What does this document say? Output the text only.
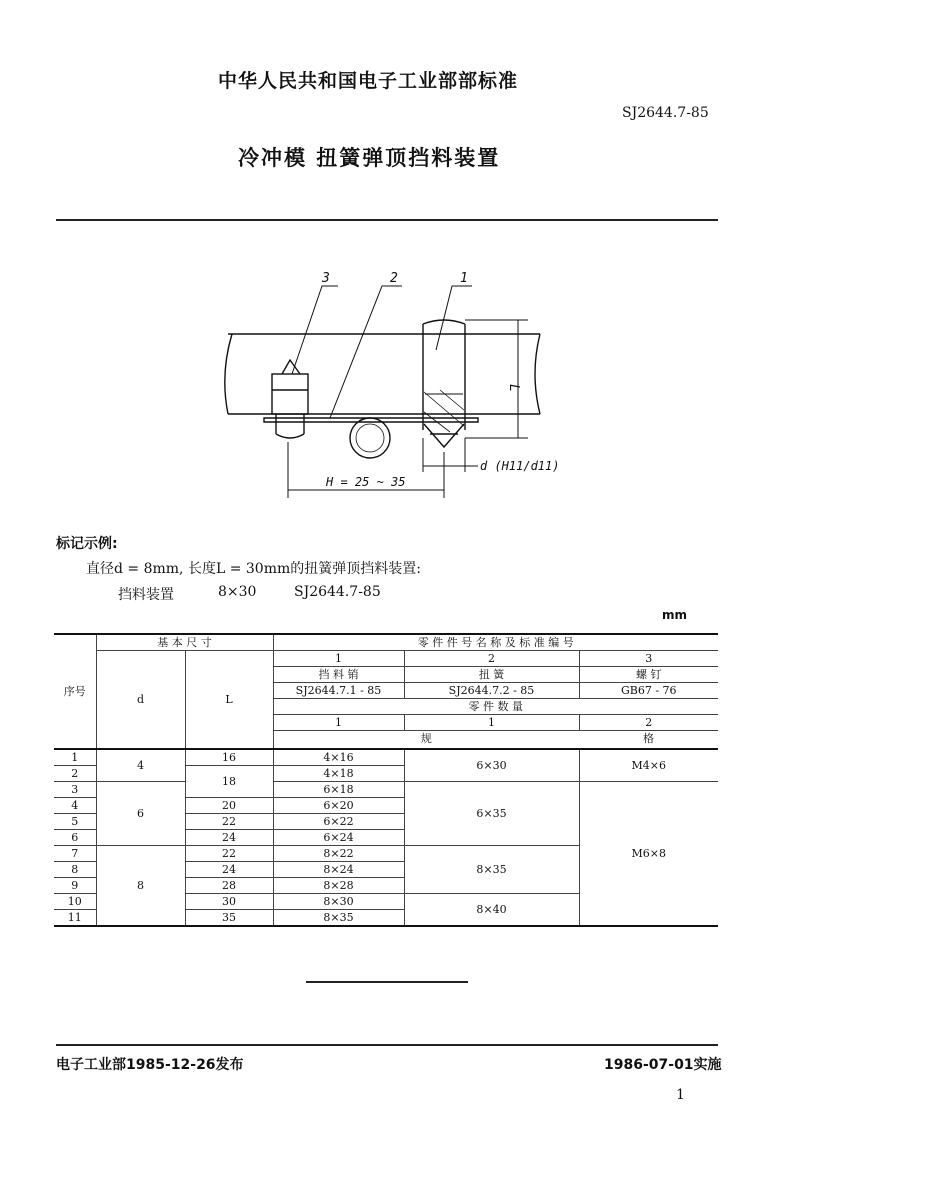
中华人民共和国电子工业部部标准
SJ2644.7-85
冷冲模 扭簧弹顶挡料装置
3	2	1
L
d (H11/d11)
H = 25 ~ 35
标记示例:
直径d = 8mm, 长度L = 30mm的扭簧弹顶挡料装置:
挡料装置	8×30	SJ2644.7-85
mm
序号	基 本 尺 寸		零 件 件 号 名 称 及 标 准 编 号		
	d	L	1	2	3
			挡 料 销	扭 簧	螺 钉
			SJ2644.7.1 - 85	SJ2644.7.2 - 85	GB67 - 76
			零 件 数 量		
			1	1	2
			规		格

1	4	16	4×16	6×30	M4×6
2		18	4×18		
3	6		6×18	6×35	M6×8
4		20	6×20		
5		22	6×22		
6		24	6×24		
7	8	22	8×22	8×35	
8		24	8×24		
9		28	8×28		
10		30	8×30	8×40	
11		35	8×35		
电子工业部1985-12-26发布	1986-07-01实施
1
